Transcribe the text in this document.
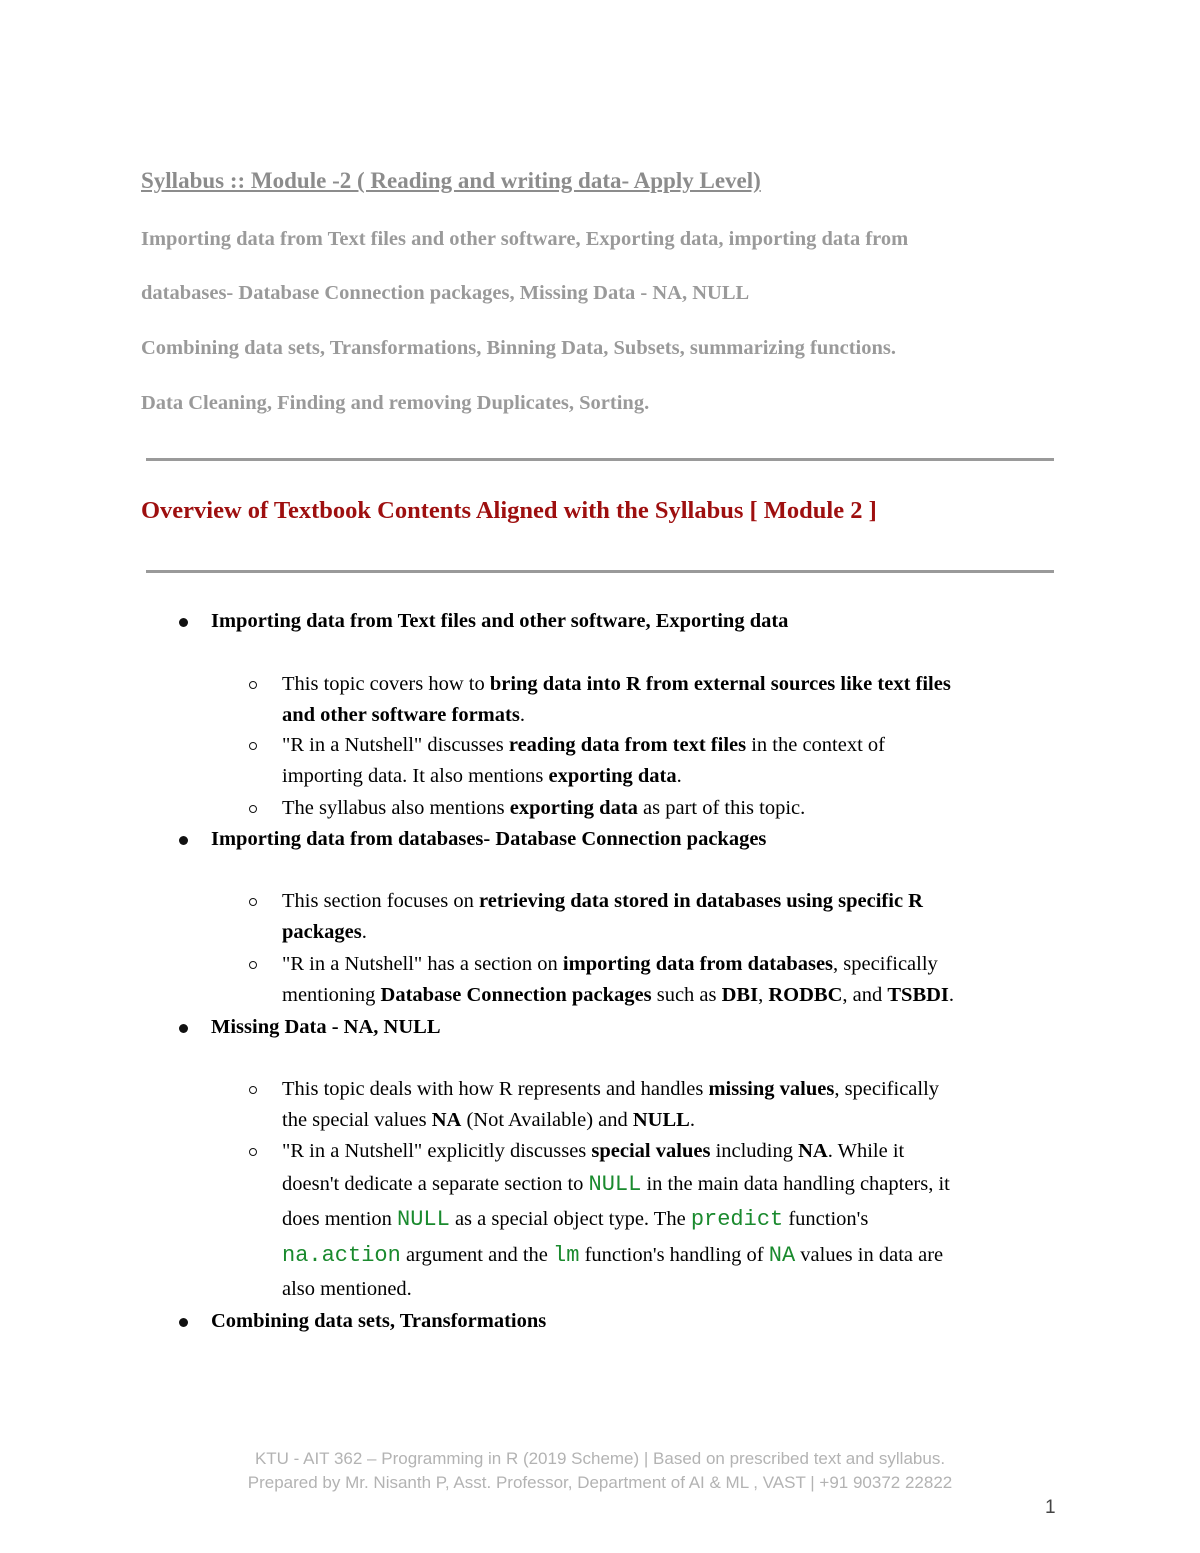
Syllabus :: Module -2 ( Reading and writing data- Apply Level)
Importing data from Text files and other software, Exporting data, importing data from
databases- Database Connection packages, Missing Data - NA, NULL
Combining data sets, Transformations, Binning Data, Subsets, summarizing functions.
Data Cleaning, Finding and removing Duplicates, Sorting.
Overview of Textbook Contents Aligned with the Syllabus [ Module 2 ]
Importing data from Text files and other software, Exporting data
This topic covers how to bring data into R from external sources like text files
and other software formats.
"R in a Nutshell" discusses reading data from text files in the context of
importing data. It also mentions exporting data.
The syllabus also mentions exporting data as part of this topic.
Importing data from databases- Database Connection packages
This section focuses on retrieving data stored in databases using specific R
packages.
"R in a Nutshell" has a section on importing data from databases, specifically
mentioning Database Connection packages such as DBI, RODBC, and TSBDI.
Missing Data - NA, NULL
This topic deals with how R represents and handles missing values, specifically
the special values NA (Not Available) and NULL.
"R in a Nutshell" explicitly discusses special values including NA. While it
doesn't dedicate a separate section to NULL in the main data handling chapters, it
does mention NULL as a special object type. The predict function's
na.action argument and the lm function's handling of NA values in data are
also mentioned.
Combining data sets, Transformations
KTU - AIT 362 – Programming in R (2019 Scheme) | Based on prescribed text and syllabus.
Prepared by Mr. Nisanth P, Asst. Professor, Department of AI & ML , VAST | +91 90372 22822
1
